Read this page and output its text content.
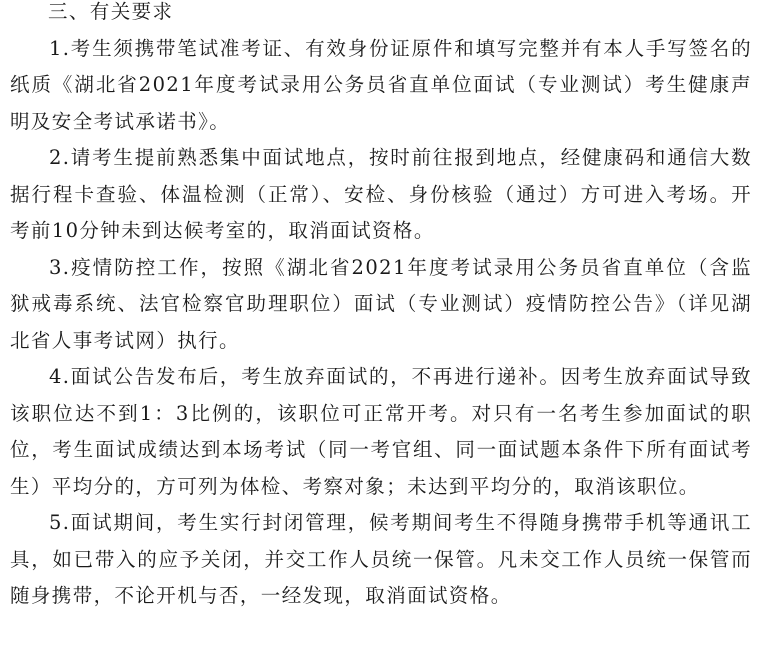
三、有关要求

1.考生须携带笔试准考证、有效身份证原件和填写完整并有本人手写签名的纸质《湖北省2021年度考试录用公务员省直单位面试（专业测试）考生健康声明及安全考试承诺书》。

2.请考生提前熟悉集中面试地点，按时前往报到地点，经健康码和通信大数据行程卡查验、体温检测（正常）、安检、身份核验（通过）方可进入考场。开考前10分钟未到达候考室的，取消面试资格。

3.疫情防控工作，按照《湖北省2021年度考试录用公务员省直单位（含监狱戒毒系统、法官检察官助理职位）面试（专业测试）疫情防控公告》（详见湖北省人事考试网）执行。

4.面试公告发布后，考生放弃面试的，不再进行递补。因考生放弃面试导致该职位达不到1：3比例的，该职位可正常开考。对只有一名考生参加面试的职位，考生面试成绩达到本场考试（同一考官组、同一面试题本条件下所有面试考生）平均分的，方可列为体检、考察对象；未达到平均分的，取消该职位。

5.面试期间，考生实行封闭管理，候考期间考生不得随身携带手机等通讯工具，如已带入的应予关闭，并交工作人员统一保管。凡未交工作人员统一保管而随身携带，不论开机与否，一经发现，取消面试资格。
